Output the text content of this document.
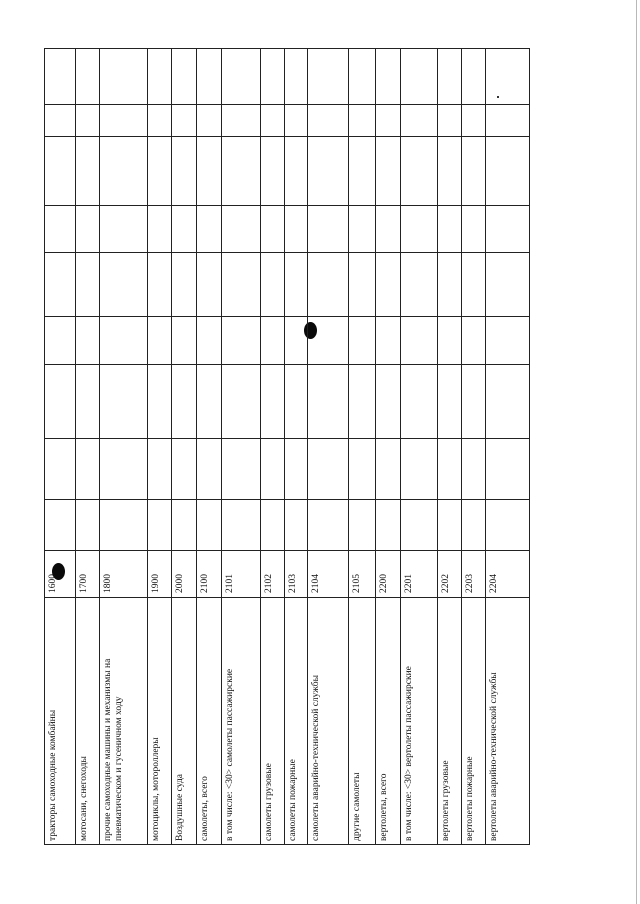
тракторы самоходные комбайны
1600
мотосани, снегоходы
1700
прочие самоходные машины и механизмы на пневматическом и гусеничном ходу
1800
мотоциклы, мотороллеры
1900
Воздушные суда
2000
самолеты, всего
2100
в том числе: <30> самолеты пассажирские
2101
самолеты грузовые
2102
самолеты пожарные
2103
самолеты аварийно-технической службы
2104
другие самолеты
2105
вертолеты, всего
2200
в том числе: <30> вертолеты пассажирские
2201
вертолеты грузовые
2202
вертолеты пожарные
2203
вертолеты аварийно-технической службы
2204
